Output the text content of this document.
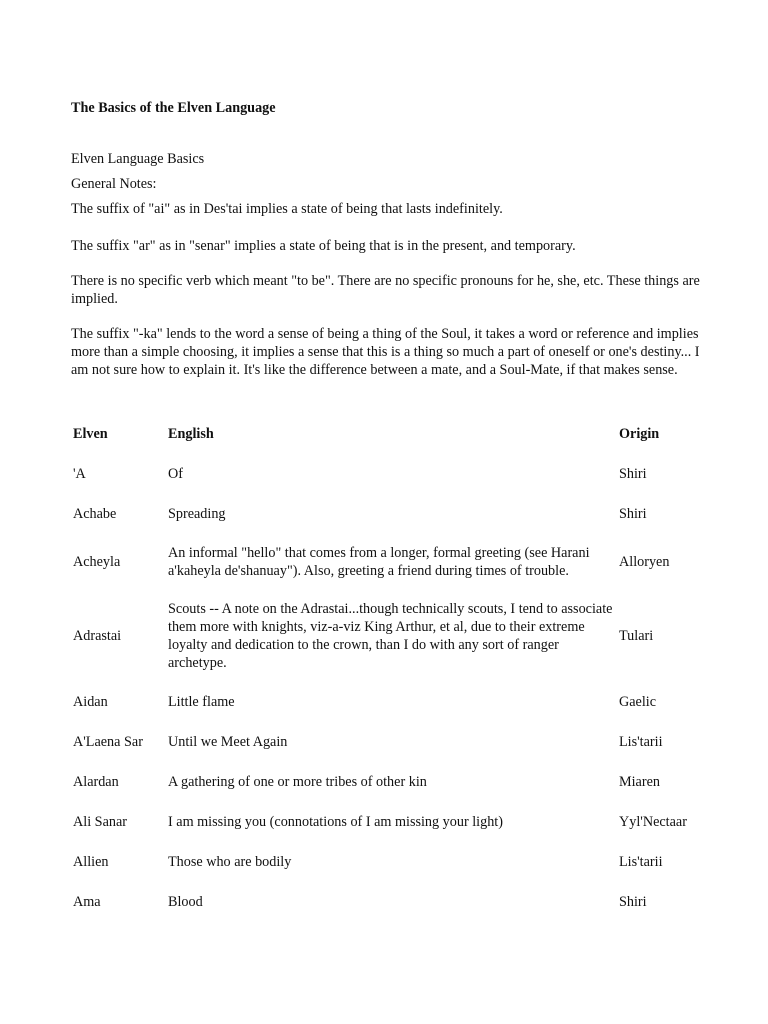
The Basics of the Elven Language
Elven Language Basics
General Notes:

The suffix of "ai" as in Des'tai implies a state of being that lasts indefinitely.

The suffix "ar" as in "senar" implies a state of being that is in the present, and temporary.

There is no specific verb which meant "to be". There are no specific pronouns for he, she, etc. These things are implied.

The suffix "-ka" lends to the word a sense of being a thing of the Soul, it takes a word or reference and implies more than a simple choosing, it implies a sense that this is a thing so much a part of oneself or one's destiny... I am not sure how to explain it. It's like the difference between a mate, and a Soul-Mate, if that makes sense.

Elven	English	Origin

'A	Of	Shiri

Achabe	Spreading	Shiri

Acheyla	An informal "hello" that comes from a longer, formal greeting (see Harani a'kaheyla de'shanuay"). Also, greeting a friend during times of trouble.	Alloryen

Adrastai	Scouts -- A note on the Adrastai...though technically scouts, I tend to associate them more with knights, viz-a-viz King Arthur, et al, due to their extreme loyalty and dedication to the crown, than I do with any sort of ranger archetype.	Tulari

Aidan	Little flame	Gaelic

A'Laena Sar	Until we Meet Again	Lis'tarii

Alardan	A gathering of one or more tribes of other kin	Miaren

Ali Sanar	I am missing you (connotations of I am missing your light)	Yyl'Nectaar

Allien	Those who are bodily	Lis'tarii

Ama	Blood	Shiri
